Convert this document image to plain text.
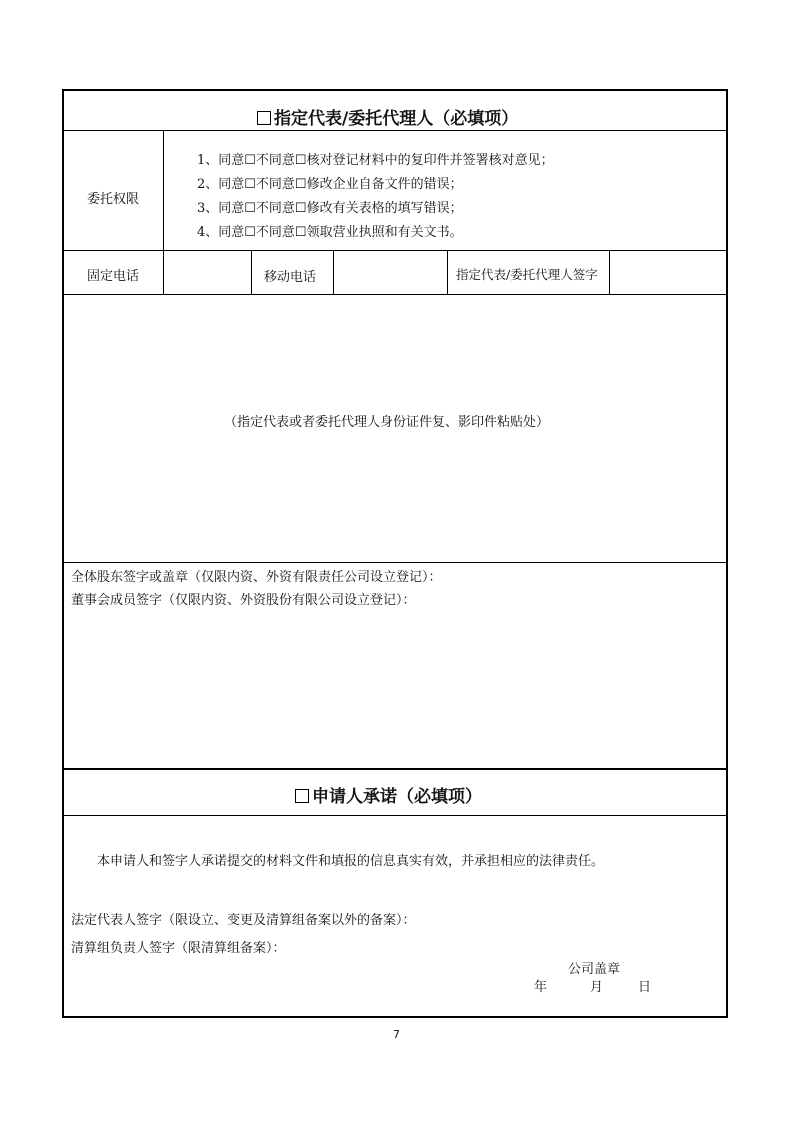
指定代表/委托代理人（必填项）
委托权限
1、同意☐不同意☐核对登记材料中的复印件并签署核对意见；
2、同意☐不同意☐修改企业自备文件的错误；
3、同意☐不同意☐修改有关表格的填写错误；
4、同意☐不同意☐领取营业执照和有关文书。
固定电话	移动电话	指定代表/委托代理人签字
（指定代表或者委托代理人身份证件复、影印件粘贴处）
全体股东签字或盖章（仅限内资、外资有限责任公司设立登记）：
董事会成员签字（仅限内资、外资股份有限公司设立登记）：
申请人承诺（必填项）
本申请人和签字人承诺提交的材料文件和填报的信息真实有效，并承担相应的法律责任。
法定代表人签字（限设立、变更及清算组备案以外的备案）：
清算组负责人签字（限清算组备案）：
公司盖章
年	月	日
7
